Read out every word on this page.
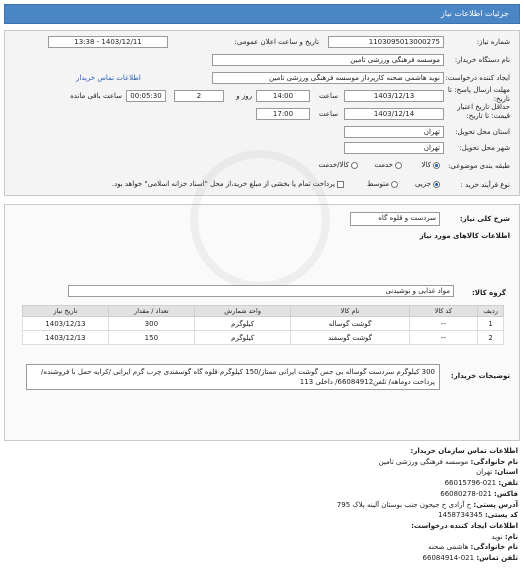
جزئیات اطلاعات نیاز
شماره نیاز:
1103095013000275
تاریخ و ساعت اعلان عمومی:
1403/12/11 - 13:38
نام دستگاه خریدار:
موسسه فرهنگی ورزشی تامین
ایجاد کننده درخواست:
نوید هاشمی صحنه کارپرداز موسسه فرهنگی ورزشی تامین
اطلاعات تماس خریدار
مهلت ارسال پاسخ: تا
تاریخ:
1403/12/13
ساعت
14:00
2	روز و
00:05:30
ساعت باقی مانده
حداقل تاریخ اعتبار
قیمت: تا تاریخ:
1403/12/14
ساعت
17:00
استان محل تحویل:
تهران
شهر محل تحویل:
تهران
طبقه بندی موضوعی:
کالا
خدمت
کالا/خدمت
نوع فرآیند خرید :
جزیی
متوسط
پرداخت تمام یا بخشی از مبلغ خرید،از محل "اسناد خزانه اسلامی" خواهد بود.
شرح کلی نیاز:
سردست و قلوه گاه
اطلاعات کالاهای مورد نیاز
گروه کالا:
مواد غذایی و نوشیدنی
ردیف	کد کالا	نام کالا	واحد شمارش	تعداد / مقدار	تاریخ نیاز
1	--	گوشت گوساله	کیلوگرم	300	1403/12/13
2	--	گوشت گوسفند	کیلوگرم	150	1403/12/13
توضیحات خریدار:
300 کیلوگرم سردست گوساله بی جس گوشت ایرانی ممتاز/150 کیلوگرم قلوه گاه گوسفندی چرب گرم ایرانی /کرایه حمل با فروشنده/ پرداخت دوماهه/ تلفن66084912/ داخلی 113
اطلاعات تماس سازمان خریدار:
نام خانوادگی: موسسه فرهنگی ورزشی تامین
استان: تهران
تلفن: 021-66015796
فاکس: 021-66080278
آدرس پستی: خ آزادی خ جیحون جنب بوستان آلینه پلاک 795
کد پستی: 1458734345
اطلاعات ایجاد کننده درخواست:
نام: نوید
نام خانوادگی: هاشمی صحنه
تلفن تماس: 021-66084914
